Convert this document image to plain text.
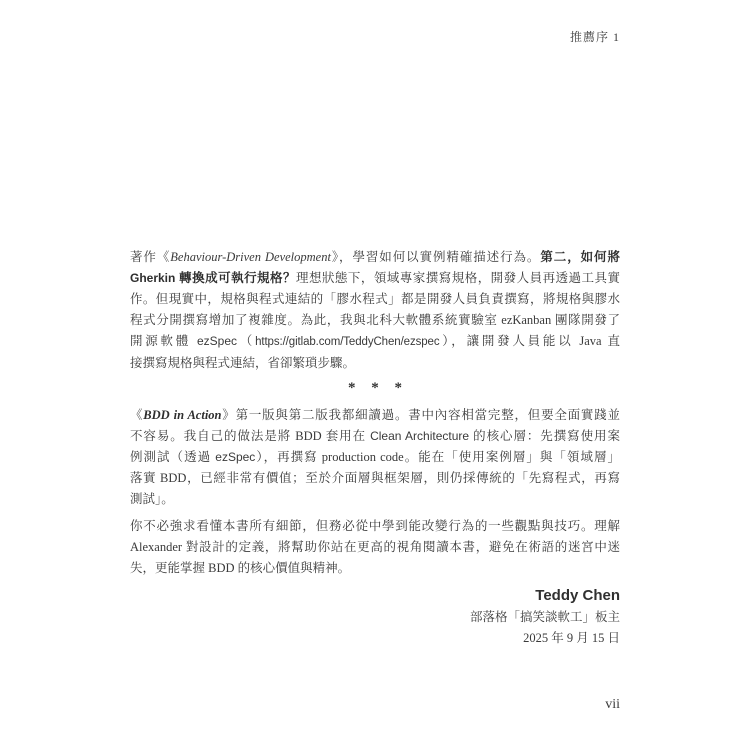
推薦序 1
著作《Behaviour-Driven Development》，學習如何以實例精確描述行為。第二，如何將
Gherkin 轉換成可執行規格？理想狀態下，領域專家撰寫規格，開發人員再透過工具實
作。但現實中，規格與程式連結的「膠水程式」都是開發人員負責撰寫，將規格與膠水
程式分開撰寫增加了複雜度。為此，我與北科大軟體系統實驗室 ezKanban 團隊開發了
開源軟體 ezSpec（https://gitlab.com/TeddyChen/ezspec），讓開發人員能以 Java 直
接撰寫規格與程式連結，省卻繁瑣步驟。
* * *
《BDD in Action》第一版與第二版我都細讀過。書中內容相當完整，但要全面實踐並
不容易。我自己的做法是將 BDD 套用在 Clean Architecture 的核心層：先撰寫使用案
例測試（透過 ezSpec），再撰寫 production code。能在「使用案例層」與「領域層」
落實 BDD，已經非常有價值；至於介面層與框架層，則仍採傳統的「先寫程式，再寫
測試」。
你不必強求看懂本書所有細節，但務必從中學到能改變行為的一些觀點與技巧。理解
Alexander 對設計的定義，將幫助你站在更高的視角閱讀本書，避免在術語的迷宮中迷
失，更能掌握 BDD 的核心價值與精神。
Teddy Chen
部落格「搞笑談軟工」板主
2025 年 9 月 15 日
vii
